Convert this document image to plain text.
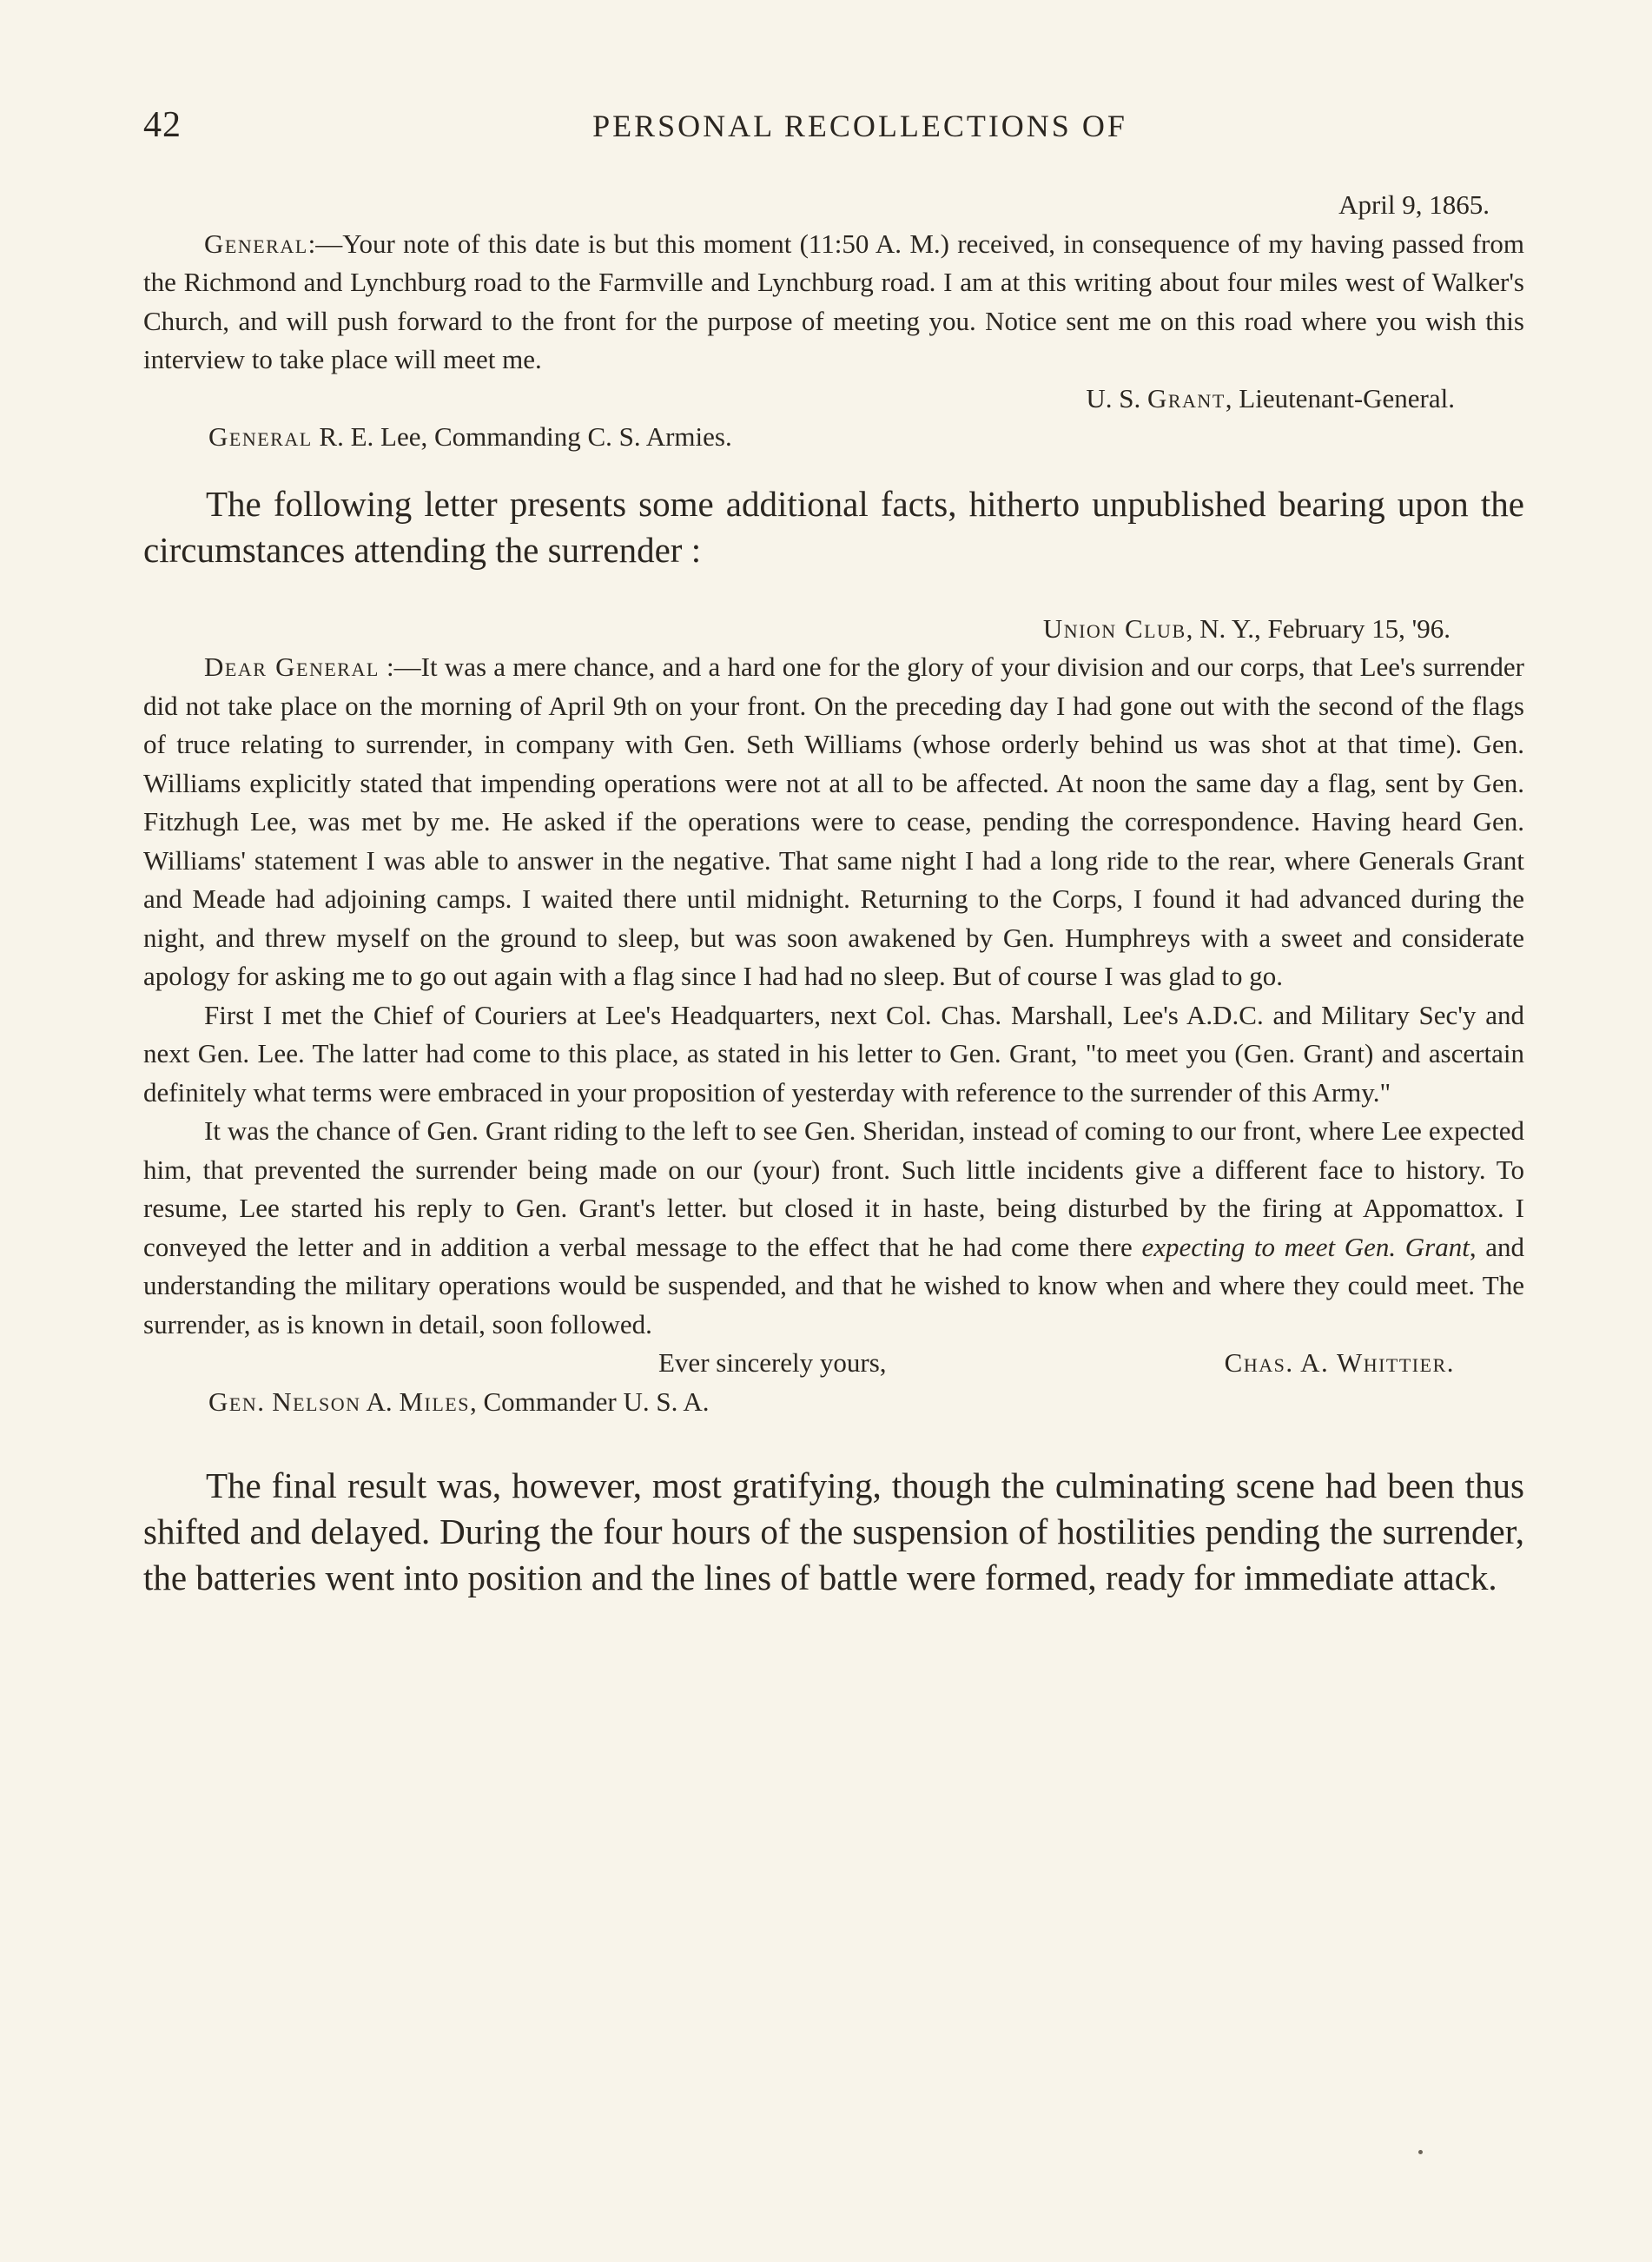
42	PERSONAL RECOLLECTIONS OF

April 9, 1865.

General:—Your note of this date is but this moment (11:50 A. M.) received, in consequence of my having passed from the Richmond and Lynchburg road to the Farmville and Lynchburg road. I am at this writing about four miles west of Walker's Church, and will push forward to the front for the purpose of meeting you. Notice sent me on this road where you wish this interview to take place will meet me.

U. S. Grant, Lieutenant-General.

General R. E. Lee, Commanding C. S. Armies.

The following letter presents some additional facts, hitherto unpublished bearing upon the circumstances attending the surrender :

Union Club, N. Y., February 15, '96.

Dear General :—It was a mere chance, and a hard one for the glory of your division and our corps, that Lee's surrender did not take place on the morning of April 9th on your front. On the preceding day I had gone out with the second of the flags of truce relating to surrender, in company with Gen. Seth Williams (whose orderly behind us was shot at that time). Gen. Williams explicitly stated that impending operations were not at all to be affected. At noon the same day a flag, sent by Gen. Fitzhugh Lee, was met by me. He asked if the operations were to cease, pending the correspondence. Having heard Gen. Williams' statement I was able to answer in the negative. That same night I had a long ride to the rear, where Generals Grant and Meade had adjoining camps. I waited there until midnight. Returning to the Corps, I found it had advanced during the night, and threw myself on the ground to sleep, but was soon awakened by Gen. Humphreys with a sweet and considerate apology for asking me to go out again with a flag since I had had no sleep. But of course I was glad to go.

First I met the Chief of Couriers at Lee's Headquarters, next Col. Chas. Marshall, Lee's A.D.C. and Military Sec'y and next Gen. Lee. The latter had come to this place, as stated in his letter to Gen. Grant, "to meet you (Gen. Grant) and ascertain definitely what terms were embraced in your proposition of yesterday with reference to the surrender of this Army."

It was the chance of Gen. Grant riding to the left to see Gen. Sheridan, instead of coming to our front, where Lee expected him, that prevented the surrender being made on our (your) front. Such little incidents give a different face to history. To resume, Lee started his reply to Gen. Grant's letter. but closed it in haste, being disturbed by the firing at Appomattox. I conveyed the letter and in addition a verbal message to the effect that he had come there expecting to meet Gen. Grant, and understanding the military operations would be suspended, and that he wished to know when and where they could meet. The surrender, as is known in detail, soon followed.

Ever sincerely yours,	Chas. A. Whittier.

Gen. Nelson A. Miles, Commander U. S. A.

The final result was, however, most gratifying, though the culminating scene had been thus shifted and delayed. During the four hours of the suspension of hostilities pending the surrender, the batteries went into position and the lines of battle were formed, ready for immediate attack.
